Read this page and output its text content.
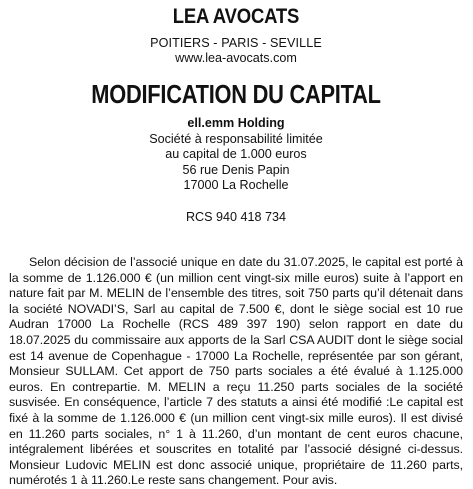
LEA AVOCATS
POITIERS - PARIS - SEVILLE
www.lea-avocats.com
MODIFICATION DU CAPITAL
ell.emm Holding
Société à responsabilité limitée
au capital de 1.000 euros
56 rue Denis Papin
17000 La Rochelle
RCS 940 418 734
Selon décision de l’associé unique en date du 31.07.2025, le capital est porté à la somme de 1.126.000 € (un million cent vingt-six mille euros) suite à l’apport en nature fait par M. MELIN de l’ensemble des titres, soit 750 parts qu’il détenait dans la société NOVADI’S, Sarl au capital de 7.500 €, dont le siège social est 10 rue Audran 17000 La Rochelle (RCS 489 397 190) selon rapport en date du 18.07.2025 du commissaire aux apports de la Sarl CSA AUDIT dont le siège social est 14 avenue de Copenhague - 17000 La Rochelle, représentée par son gérant, Monsieur SULLAM. Cet apport de 750 parts sociales a été évalué à 1.125.000 euros. En contrepartie. M. MELIN a reçu 11.250 parts sociales de la société susvisée. En conséquence, l’article 7 des statuts a ainsi été modifié :Le capital est fixé à la somme de 1.126.000 € (un million cent vingt-six mille euros). Il est divisé en 11.260 parts sociales, n° 1 à 11.260, d’un montant de cent euros chacune, intégralement libérées et souscrites en totalité par l’associé désigné ci-dessus. Monsieur Ludovic MELIN est donc associé unique, propriétaire de 11.260 parts, numérotés 1 à 11.260.Le reste sans changement. Pour avis.
